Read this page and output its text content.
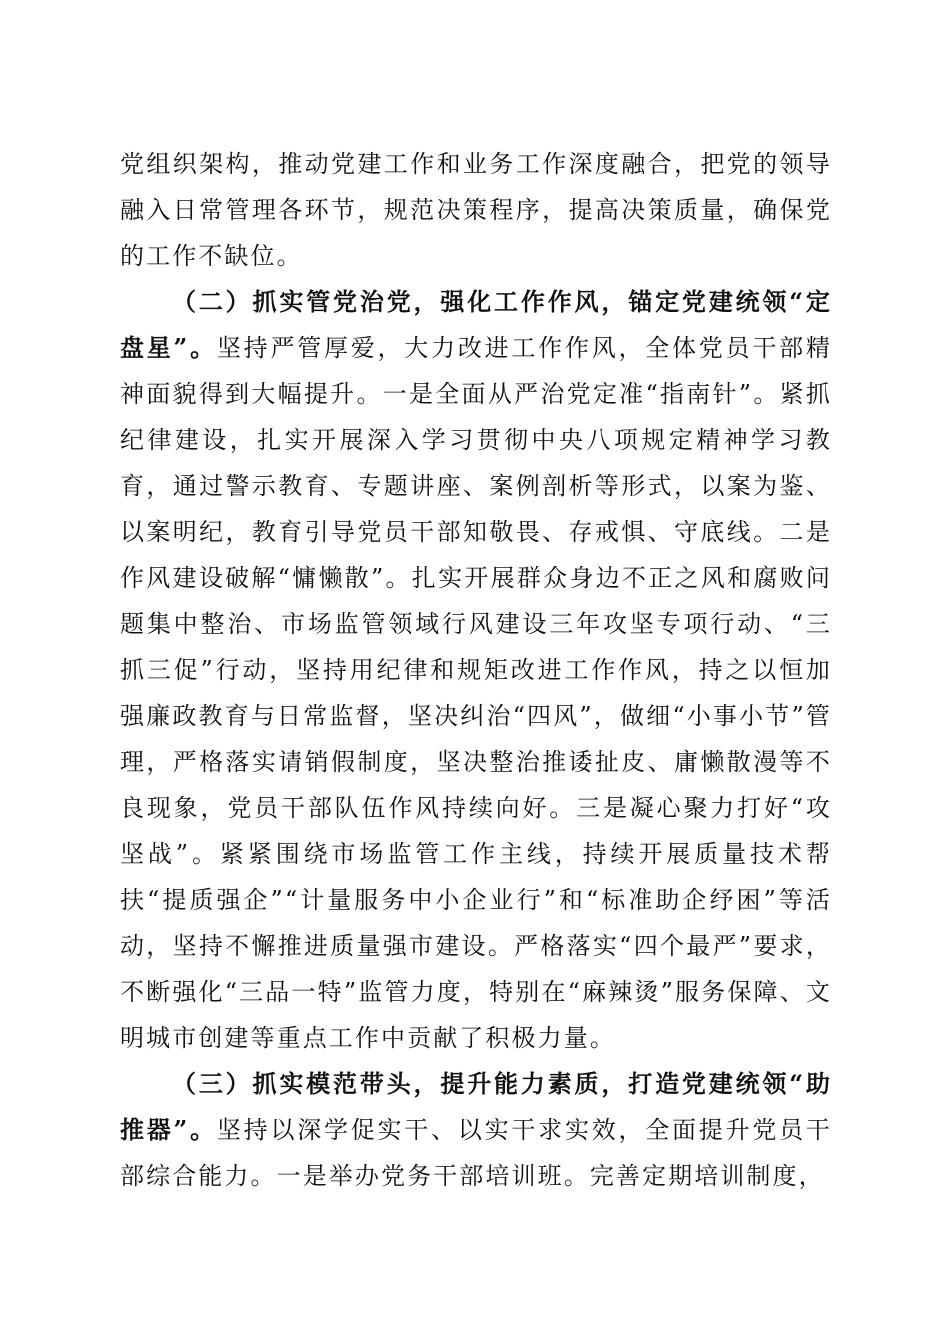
党组织架构，推动党建工作和业务工作深度融合，把党的领导融入日常管理各环节，规范决策程序，提高决策质量，确保党的工作不缺位。

（二）抓实管党治党，强化工作作风，锚定党建统领“定盘星”。坚持严管厚爱，大力改进工作作风，全体党员干部精神面貌得到大幅提升。一是全面从严治党定准“指南针”。紧抓纪律建设，扎实开展深入学习贯彻中央八项规定精神学习教育，通过警示教育、专题讲座、案例剖析等形式，以案为鉴、以案明纪，教育引导党员干部知敬畏、存戒惧、守底线。二是作风建设破解“慵懒散”。扎实开展群众身边不正之风和腐败问题集中整治、市场监管领域行风建设三年攻坚专项行动、“三抓三促”行动，坚持用纪律和规矩改进工作作风，持之以恒加强廉政教育与日常监督，坚决纠治“四风”，做细“小事小节”管理，严格落实请销假制度，坚决整治推诿扯皮、庸懒散漫等不良现象，党员干部队伍作风持续向好。三是凝心聚力打好“攻坚战”。紧紧围绕市场监管工作主线，持续开展质量技术帮扶“提质强企”“计量服务中小企业行”和“标准助企纾困”等活动，坚持不懈推进质量强市建设。严格落实“四个最严”要求，不断强化“三品一特”监管力度，特别在“麻辣烫”服务保障、文明城市创建等重点工作中贡献了积极力量。

（三）抓实模范带头，提升能力素质，打造党建统领“助推器”。坚持以深学促实干、以实干求实效，全面提升党员干部综合能力。一是举办党务干部培训班。完善定期培训制度，
